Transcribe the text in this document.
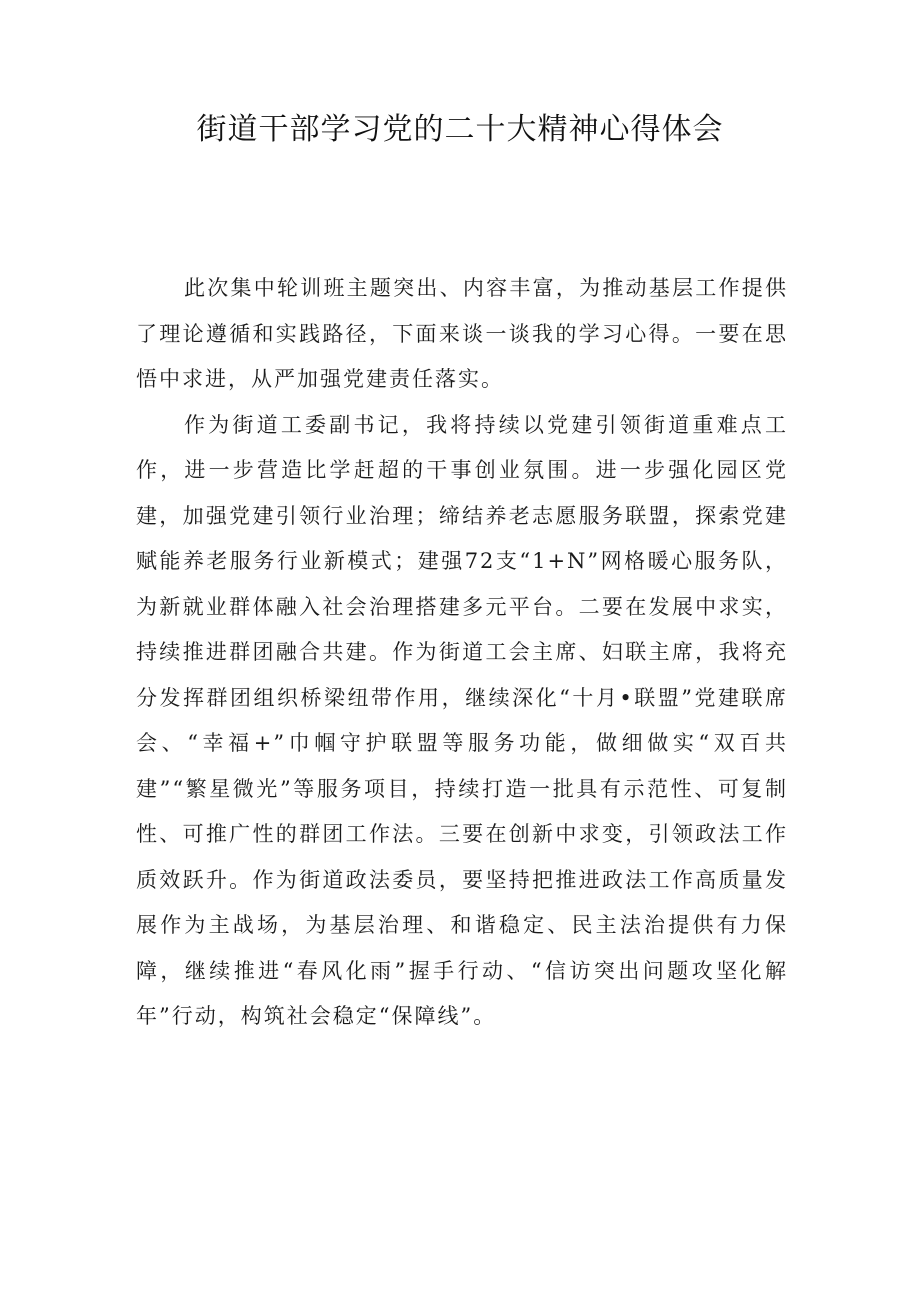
街道干部学习党的二十大精神心得体会

此次集中轮训班主题突出、内容丰富，为推动基层工作提供了理论遵循和实践路径，下面来谈一谈我的学习心得。一要在思悟中求进，从严加强党建责任落实。

作为街道工委副书记，我将持续以党建引领街道重难点工作，进一步营造比学赶超的干事创业氛围。进一步强化园区党建，加强党建引领行业治理；缔结养老志愿服务联盟，探索党建赋能养老服务行业新模式；建强72支“1+N”网格暖心服务队，为新就业群体融入社会治理搭建多元平台。二要在发展中求实，持续推进群团融合共建。作为街道工会主席、妇联主席，我将充分发挥群团组织桥梁纽带作用，继续深化“十月•联盟”党建联席会、“幸福+”巾帼守护联盟等服务功能，做细做实“双百共建”“繁星微光”等服务项目，持续打造一批具有示范性、可复制性、可推广性的群团工作法。三要在创新中求变，引领政法工作质效跃升。作为街道政法委员，要坚持把推进政法工作高质量发展作为主战场，为基层治理、和谐稳定、民主法治提供有力保障，继续推进“春风化雨”握手行动、“信访突出问题攻坚化解年”行动，构筑社会稳定“保障线”。
